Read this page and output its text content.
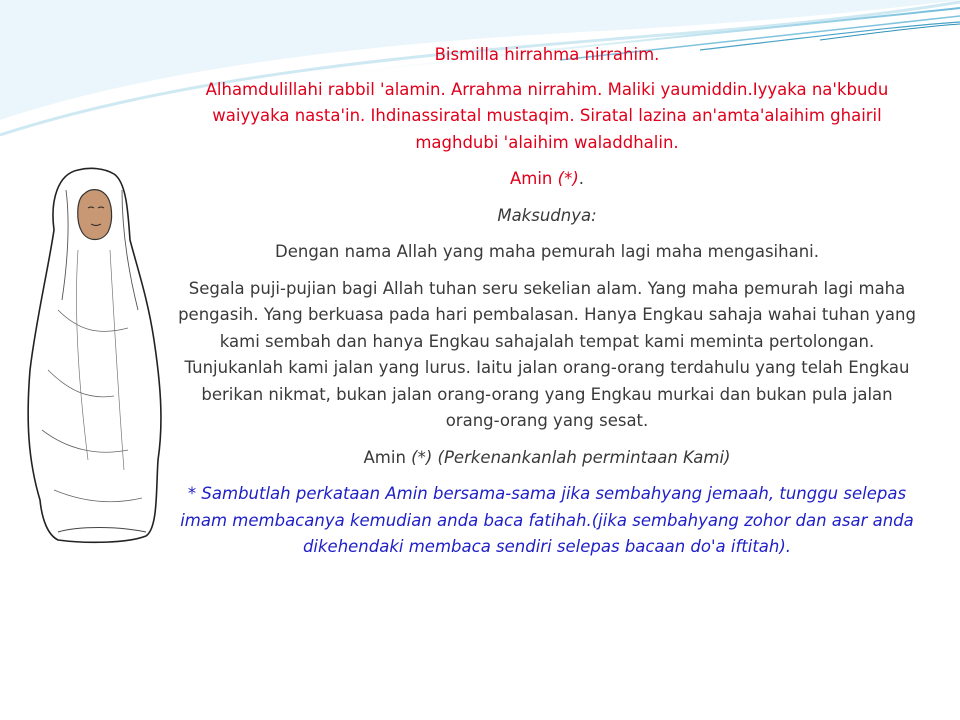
Bismilla hirrahma nirrahim.

Alhamdulillahi rabbil 'alamin. Arrahma nirrahim. Maliki yaumiddin.Iyyaka na'kbudu waiyyaka nasta'in. Ihdinassiratal mustaqim. Siratal lazina an'amta'alaihim ghairil maghdubi 'alaihim waladdhalin.

Amin (*).

Maksudnya:

Dengan nama Allah yang maha pemurah lagi maha mengasihani.

Segala puji-pujian bagi Allah tuhan seru sekelian alam. Yang maha pemurah lagi maha pengasih. Yang berkuasa pada hari pembalasan. Hanya Engkau sahaja wahai tuhan yang kami sembah dan hanya Engkau sahajalah tempat kami meminta pertolongan. Tunjukanlah kami jalan yang lurus. Iaitu jalan orang-orang terdahulu yang telah Engkau berikan nikmat, bukan jalan orang-orang yang Engkau murkai dan bukan pula jalan orang-orang yang sesat.

Amin (*) (Perkenankanlah permintaan Kami)

* Sambutlah perkataan Amin bersama-sama jika sembahyang jemaah, tunggu selepas imam membacanya kemudian anda baca fatihah.(jika sembahyang zohor dan asar anda dikehendaki membaca sendiri selepas bacaan do'a iftitah).
